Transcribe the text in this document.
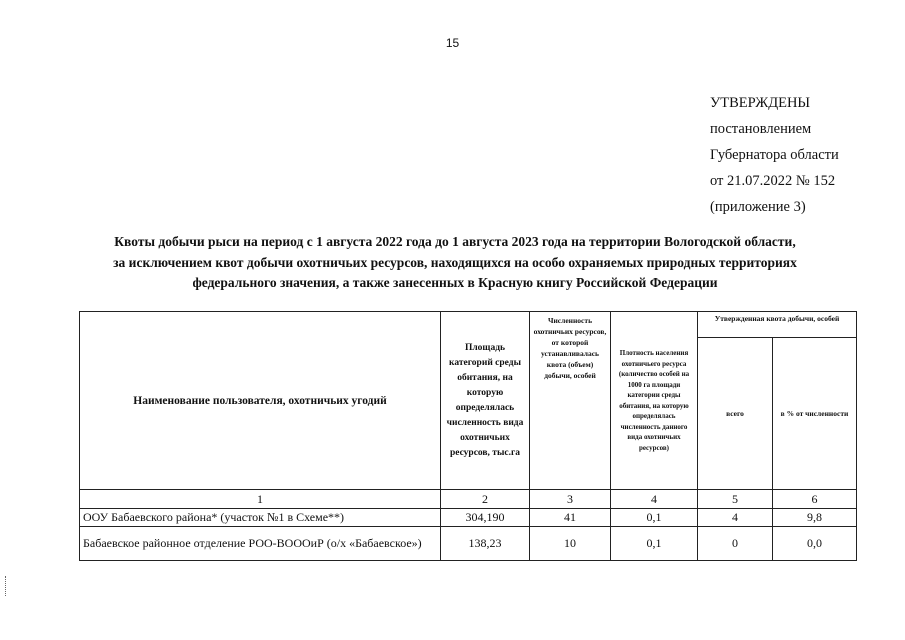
15
УТВЕРЖДЕНЫ
постановлением
Губернатора области
от 21.07.2022 № 152
(приложение 3)
Квоты добычи рыси на период с 1 августа 2022 года до 1 августа 2023 года на территории Вологодской области,
за исключением квот добычи охотничьих ресурсов, находящихся на особо охраняемых природных территориях
федерального значения, а также занесенных в Красную книгу Российской Федерации
Наименование пользователя, охотничьих угодий	Площадь категорий среды обитания, на которую определялась численность вида охотничьих ресурсов, тыс.га	Численность охотничьих ресурсов, от которой устанавливалась квота (объем) добычи, особей	Плотность населения охотничьего ресурса (количество особей на 1000 га площади категории среды обитания, на которую определялась численность данного вида охотничьих ресурсов)	Утвержденная квота добычи, особей	
				всего	в % от численности
1	2	3	4	5	6
ООУ Бабаевского района* (участок №1 в Схеме**)	304,190	41	0,1	4	9,8
Бабаевское районное отделение РОО-ВОООиР (о/х «Бабаевское»)	138,23	10	0,1	0	0,0
